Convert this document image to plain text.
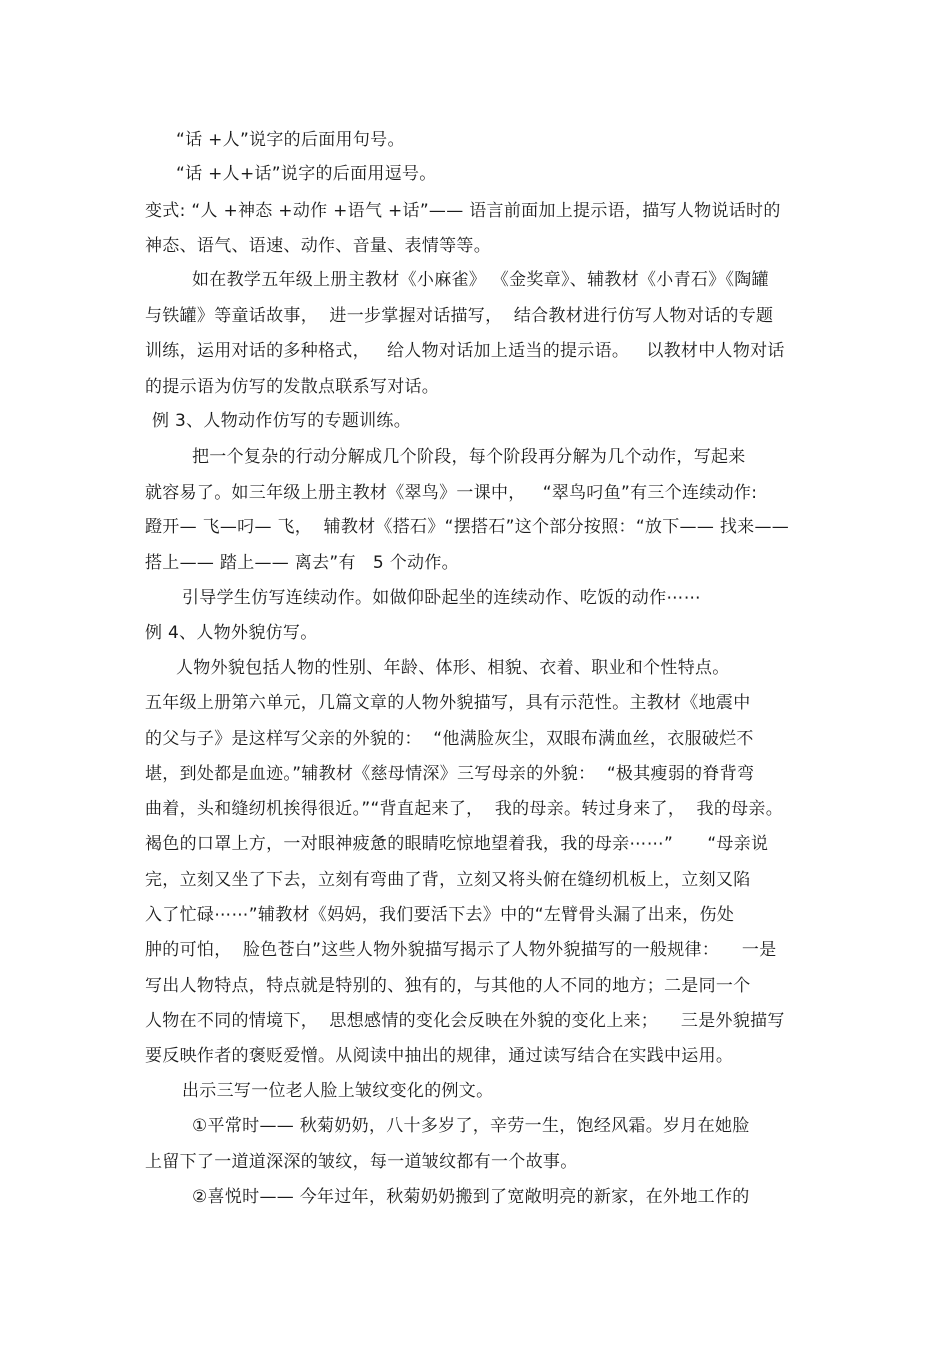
“话 +人”说字的后面用句号。
“话 +人+话”说字的后面用逗号。
变式: “人 +神态 +动作 +语气 +话”—— 语言前面加上提示语，描写人物说话时的
神态、语气、语速、动作、音量、表情等等。
如在教学五年级上册主教材《小麻雀》 《金奖章》、辅教材《小青石》《陶罐
与铁罐》等童话故事，  进一步掌握对话描写，  结合教材进行仿写人物对话的专题
训练，运用对话的多种格式，   给人物对话加上适当的提示语。   以教材中人物对话
的提示语为仿写的发散点联系写对话。
例 3、人物动作仿写的专题训练。
把一个复杂的行动分解成几个阶段，每个阶段再分解为几个动作，写起来
就容易了。如三年级上册主教材《翠鸟》一课中，   “翠鸟叼鱼”有三个连续动作:
蹬开— 飞—叼— 飞，  辅教材《搭石》“摆搭石”这个部分按照：“放下—— 找来——
搭上—— 踏上—— 离去”有   5 个动作。
引导学生仿写连续动作。如做仰卧起坐的连续动作、吃饭的动作⋯⋯
例 4、人物外貌仿写。
人物外貌包括人物的性别、年龄、体形、相貌、衣着、职业和个性特点。
五年级上册第六单元，几篇文章的人物外貌描写，具有示范性。主教材《地震中
的父与子》是这样写父亲的外貌的：  “他满脸灰尘，双眼布满血丝，衣服破烂不
堪，到处都是血迹。”辅教材《慈母情深》三写母亲的外貌：  “极其瘦弱的脊背弯
曲着，头和缝纫机挨得很近。”“背直起来了，  我的母亲。转过身来了，  我的母亲。
褐色的口罩上方，一对眼神疲惫的眼睛吃惊地望着我，我的母亲⋯⋯”      “母亲说
完，立刻又坐了下去，立刻有弯曲了背，立刻又将头俯在缝纫机板上，立刻又陷
入了忙碌⋯⋯”辅教材《妈妈，我们要活下去》中的“左臂骨头漏了出来，伤处
肿的可怕，  脸色苍白”这些人物外貌描写揭示了人物外貌描写的一般规律：    一是
写出人物特点，特点就是特别的、独有的，与其他的人不同的地方；二是同一个
人物在不同的情境下，  思想感情的变化会反映在外貌的变化上来；    三是外貌描写
要反映作者的褒贬爱憎。从阅读中抽出的规律，通过读写结合在实践中运用。
出示三写一位老人脸上皱纹变化的例文。
①平常时—— 秋菊奶奶，八十多岁了，辛劳一生，饱经风霜。岁月在她脸
上留下了一道道深深的皱纹，每一道皱纹都有一个故事。
②喜悦时—— 今年过年，秋菊奶奶搬到了宽敞明亮的新家，在外地工作的
